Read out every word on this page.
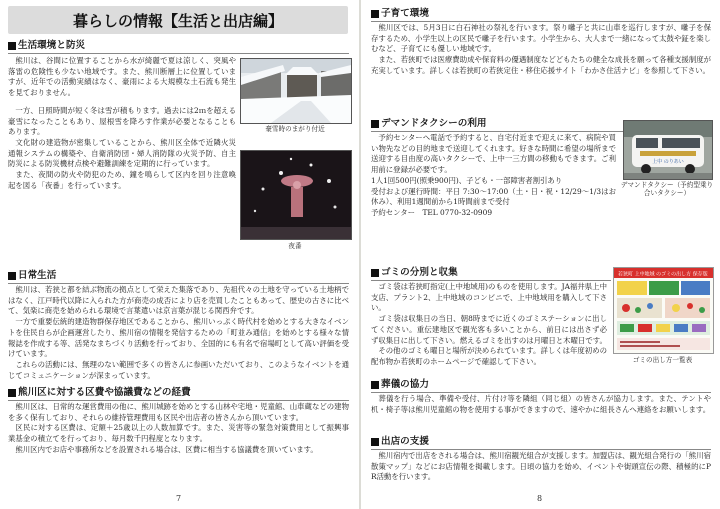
暮らしの情報【生活と出店編】
生活環境と防災

熊川は、谷間に位置することから水が綺麗で夏は涼しく、突風や落雷の危険性も少ない地域です。また、熊川断層上に位置していますが、近年での活動実績はなく、豪雨による大規模な土石流も発生を見ておりません。

一方、日照時間が短く冬は雪が積もります。過去には2ｍを超える豪雪になったこともあり、屋根雪を降ろす作業が必要となることもあります。

文化財の建造物が密集していることから、熊川区全体で近隣火災通報システムの構築や、自衛消防団・婦人消防隊の火災予防、自主防災による防災機材点検や避難訓練を定期的に行っています。

また、夜間の防火や防犯のため、鐘を鳴らして区内を回り注意喚起を図る「夜番」を行っています。

豪雪時のまがり付近
夜番
日常生活

熊川は、若狭と都を結ぶ物流の拠点として栄えた集落であり、先祖代々の土地を守っている土地柄ではなく、江戸時代以降に入られた方が商売の成否により店を売買したこともあって、歴史の古さに比べて、気楽に商売を始められる環境で言葉遣いは京言葉が混じる関西弁です。

一方で重要伝統的建造物群保存地区であることから、熊川いっぷく時代村を始めとする大きなイベントを住民自らが企画運営したり、熊川宿の情報を発信するための「町並み通信」を始めとする様々な情報誌を作成する等、活発なまちづくり活動を行っており、全国的にも有名で宿場町として高い評価を受けています。

これらの活動には、無理のない範囲で多くの皆さんに参画いただいており、このようなイベントを通じてコミュニケーションが深まっています。

熊川区に対する区費や協議費などの経費

熊川区は、日常的な運営費用の他に、熊川城跡を始めとする山林や宅地・児童館、山車蔵などの建物を多く保有しており、それらの維持管理費用も区民や出店者の皆さんから頂いています。

区民に対する区費は、定額＋25歳以上の人数加算です。また、災害等の緊急対策費用として振興事業基金の積立てを行っており、毎月数千円程度となります。

熊川区内でお店や事務所などを設置される場合は、区費に相当する協議費を頂いています。

7
子育て環境

熊川区では、5月3日に白石神社の祭礼を行います。祭り囃子と共に山車を巡行しますが、囃子を保存するため、小学生以上の区民で囃子を行います。小学生から、大人まで一緒になって太鼓や鉦を楽しむなど、子育てにも優しい地域です。

また、若狭町では医療費助成や保育料の優遇制度などどもたちの健全な成長を願って各種支援制度が充実しています。詳しくは若狭町の若狭定住・移住応援サイト「わかさ住活ナビ」を参照して下さい。

デマンドタクシーの利用

予約センターへ電話で予約すると、自宅付近まで迎えに来て、病院や買い物先などの目的地まで送迎してくれます。好きな時間に希望の場所まで送迎する目由度の高いタクシーで、上中一三方間の移動もできます。ご利用前に登録が必要です。

1人1回500円(照乗900円)、子ども・一部障害者割引あり

受付および運行時間：平日 7:30～17:00（土・日・祝・12/29～1/3はお休み）、利用1週間前から1時間前まで受付

予約センター　TEL 0770-32-0909

上中 のりあい
デマンドタクシー（予約型乗り合いタクシー）
ゴミの分別と収集

ゴミ袋は若狭町指定(上中地域用)のものを使用します。JA福井県上中支店、プラント2、上中地域のコンビニで、上中地域用を購入して下さい。

ゴミ袋は収集日の当日、朝8時までに近くのゴミステーションに出してください。重伝建地区で観光客も多いことから、前日には出さず必ず収集日に出して下さい。燃えるゴミを出すのは月曜日と木曜日です。

その他のゴミも曜日と場所が決められています。詳しくは年度初めの配布物か若狭町のホームページで確認して下さい。

若狭町 上中地域 のゴミの出し方 保存版
ゴミの出し方一覧表
葬儀の協力

葬儀を行う場合、準備や受付、片付け等を隣組（同じ組）の皆さんが協力します。また、テントや机・椅子等は熊川児童館の物を使用する事ができますので、速やかに組長さんへ連絡をお願いします。

出店の支援

熊川宿内で出店をされる場合は、熊川宿観光組合が支援します。加盟店は、観光組合発行の「熊川宿散策マップ」などにお店情報を掲載します。日頃の協力を始め、イベントや街頭宣伝の際、積極的にPR活動を行います。

8
